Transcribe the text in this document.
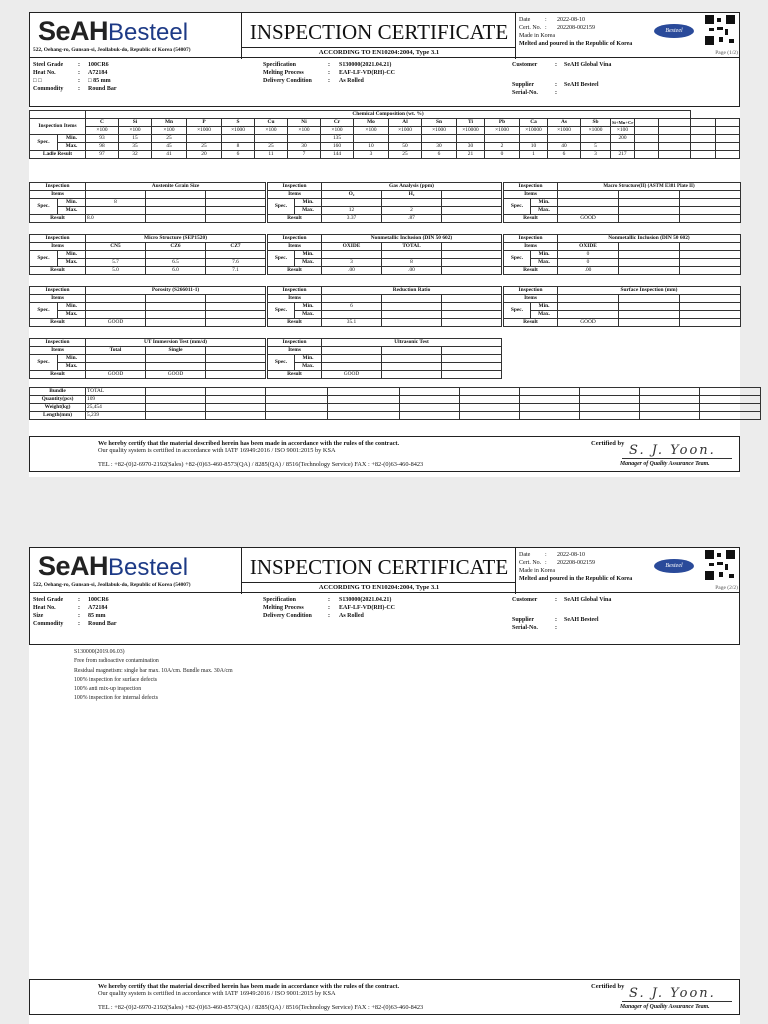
SeAHBesteel
522, Oehang-ro, Gunsan-si, Jeollabuk-do, Republic of Korea (54007)
INSPECTION CERTIFICATE
ACCORDING TO EN10204:2004, Type 3.1
Date : 2022-08-10
Cert. No. : 202208-002159
Made in Korea
Melted and poured in the Republic of Korea
Besteel
Page (1/2)
Steel Grade : 100CR6
Heat No.	: A72184
□ □	: □ 85 mm
Commodity : Round Bar
Specification	: S130000(2021.04.21)
Melting Process	: EAF-LF-VD(RH)-CC
Delivery Condition	: As Rolled
Customer	: SeAH Global Vina
Supplier	: SeAH Besteel
Serial-No.	:
		Chemical Composition (wt. %)																				
Inspection Items		C	Si	Mn	P	S	Cu	Ni	Cr	Mo	Al	Sn	Ti	Pb	Ca	As	Sb	Si+Mn+Cr				
		×100	×100	×100	×1000	×1000	×100	×100	×100	×100	×1000	×1000	×10000	×1000	×10000	×1000	×1000	×100				
Spec.	Min.	93	15	25					135									200				
	Max.	98	35	45	25	8	25	30	160	10	50	30	30	2	10	40	5					
Ladle Result		97	32	41	20	6	11	7	144	3	25	6	21	0	1	6	3	217				
Inspection		Austenite Grain Size		
Items				
Spec.	Min.	8		
	Max.			
Result		8.0		
Inspection		Gas Analysis (ppm)		
Items		O₂	H₂	
Spec.	Min.			
	Max.	12	2	
Result		3.37	.87	
Inspection		Macro Structure(II) (ASTM E381 Plate II)		
Items				
Spec.	Min.			
	Max.			
Result		GOOD		
Inspection		Micro Structure (SEP1520)		
Items		CN5	CZ6	CZ7
Spec.	Min.			
	Max.	5.7	6.5	7.6
Result		5.0	6.0	7.1
Inspection		Nonmetallic Inclusion (DIN 50 602)		
Items		OXIDE	TOTAL	
Spec.	Min.			
	Max.	3	8	
Result		.00	.00	
Inspection		Nonmetallic Inclusion (DIN 50 602)		
Items		OXIDE		
Spec.	Min.	0		
	Max.	0		
Result		.00		
Inspection		Porosity (S266011-1)		
Items				
Spec.	Min.			
	Max.			
Result		GOOD		
Inspection		Reduction Ratio		
Items				
Spec.	Min.	6		
	Max.			
Result		35.1		
Inspection		Surface Inspection (mm)		
Items				
Spec.	Min.			
	Max.			
Result		GOOD		
Inspection		UT Immersion Test (mm/d)		
Items		Total	Single	
Spec.	Min.			
	Max.			
Result		GOOD	GOOD	
Inspection		Ultrasonic Test		
Items				
Spec.	Min.			
	Max.			
Result		GOOD		
Bundle	TOTAL										
Quantity(pcs)	109										
Weight(kg)	25,454										
Length(mm)	5,239										
We hereby certify that the material described herein has been made in accordance with the rules of the contract.
Our quality system is certified in accordance with IATF 16949:2016 / ISO 9001:2015 by KSA
TEL : +82-(0)2-6970-2192(Sales) +82-(0)63-460-8573(QA) / 8285(QA) / 8516(Technology Service) FAX : +82-(0)63-460-8423
Certified by S. J. Yoon.
Manager of Quality Assurance Team.
SeAHBesteel
522, Oehang-ro, Gunsan-si, Jeollabuk-do, Republic of Korea (54007)
INSPECTION CERTIFICATE
ACCORDING TO EN10204:2004, Type 3.1
Date : 2022-08-10
Cert. No. : 202208-002159
Made in Korea
Melted and poured in the Republic of Korea
Besteel
Page (2/2)
Steel Grade : 100CR6
Heat No.	: A72184
Size	: 85 mm
Commodity : Round Bar
Specification	: S130000(2021.04.21)
Melting Process	: EAF-LF-VD(RH)-CC
Delivery Condition	: As Rolled
Customer	: SeAH Global Vina
Supplier	: SeAH Besteel
Serial-No.	:
S130000(2019.06.03)
Free from radioactive contamination
Residual magnetism: single bar max. 10A/cm. Bundle max. 30A/cm
100% inspection for surface defects
100% anti mix-up inspection
100% inspection for internal defects
We hereby certify that the material described herein has been made in accordance with the rules of the contract.
Our quality system is certified in accordance with IATF 16949:2016 / ISO 9001:2015 by KSA
TEL : +82-(0)2-6970-2192(Sales) +82-(0)63-460-8573(QA) / 8285(QA) / 8516(Technology Service) FAX : +82-(0)63-460-8423
Certified by S. J. Yoon.
Manager of Quality Assurance Team.
